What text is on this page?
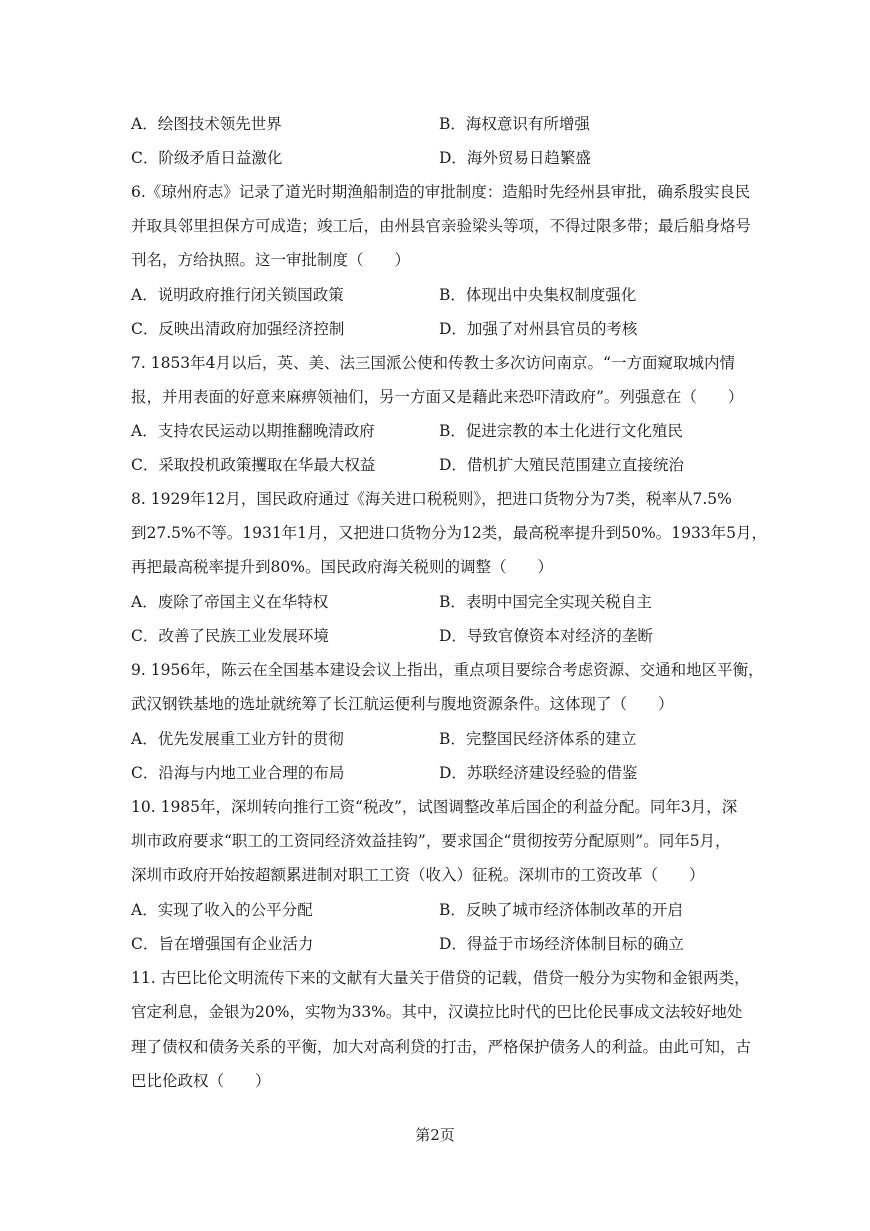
A．绘图技术领先世界	B．海权意识有所增强
C．阶级矛盾日益激化	D．海外贸易日趋繁盛
6.《琼州府志》记录了道光时期渔船制造的审批制度：造船时先经州县审批，确系殷实良民
并取具邻里担保方可成造；竣工后，由州县官亲验梁头等项，不得过限多带；最后船身烙号
刊名，方给执照。这一审批制度（　　）
A．说明政府推行闭关锁国政策	B．体现出中央集权制度强化
C．反映出清政府加强经济控制	D．加强了对州县官员的考核
7. 1853年4月以后，英、美、法三国派公使和传教士多次访问南京。“一方面窥取城内情
报，并用表面的好意来麻痹领袖们，另一方面又是藉此来恐吓清政府”。列强意在（　　）
A．支持农民运动以期推翻晚清政府	B．促进宗教的本土化进行文化殖民
C．采取投机政策攫取在华最大权益	D．借机扩大殖民范围建立直接统治
8. 1929年12月，国民政府通过《海关进口税税则》，把进口货物分为7类，税率从7.5%
到27.5%不等。1931年1月，又把进口货物分为12类，最高税率提升到50%。1933年5月，
再把最高税率提升到80%。国民政府海关税则的调整（　　）
A．废除了帝国主义在华特权	B．表明中国完全实现关税自主
C．改善了民族工业发展环境	D．导致官僚资本对经济的垄断
9. 1956年，陈云在全国基本建设会议上指出，重点项目要综合考虑资源、交通和地区平衡，
武汉钢铁基地的选址就统筹了长江航运便利与腹地资源条件。这体现了（　　）
A．优先发展重工业方针的贯彻	B．完整国民经济体系的建立
C．沿海与内地工业合理的布局	D．苏联经济建设经验的借鉴
10. 1985年，深圳转向推行工资“税改”，试图调整改革后国企的利益分配。同年3月，深
圳市政府要求“职工的工资同经济效益挂钩”，要求国企“贯彻按劳分配原则”。同年5月，
深圳市政府开始按超额累进制对职工工资（收入）征税。深圳市的工资改革（　　）
A．实现了收入的公平分配	B．反映了城市经济体制改革的开启
C．旨在增强国有企业活力	D．得益于市场经济体制目标的确立
11. 古巴比伦文明流传下来的文献有大量关于借贷的记载，借贷一般分为实物和金银两类，
官定利息，金银为20%，实物为33%。其中，汉谟拉比时代的巴比伦民事成文法较好地处
理了债权和债务关系的平衡，加大对高利贷的打击，严格保护债务人的利益。由此可知，古
巴比伦政权（　　）
第2页
